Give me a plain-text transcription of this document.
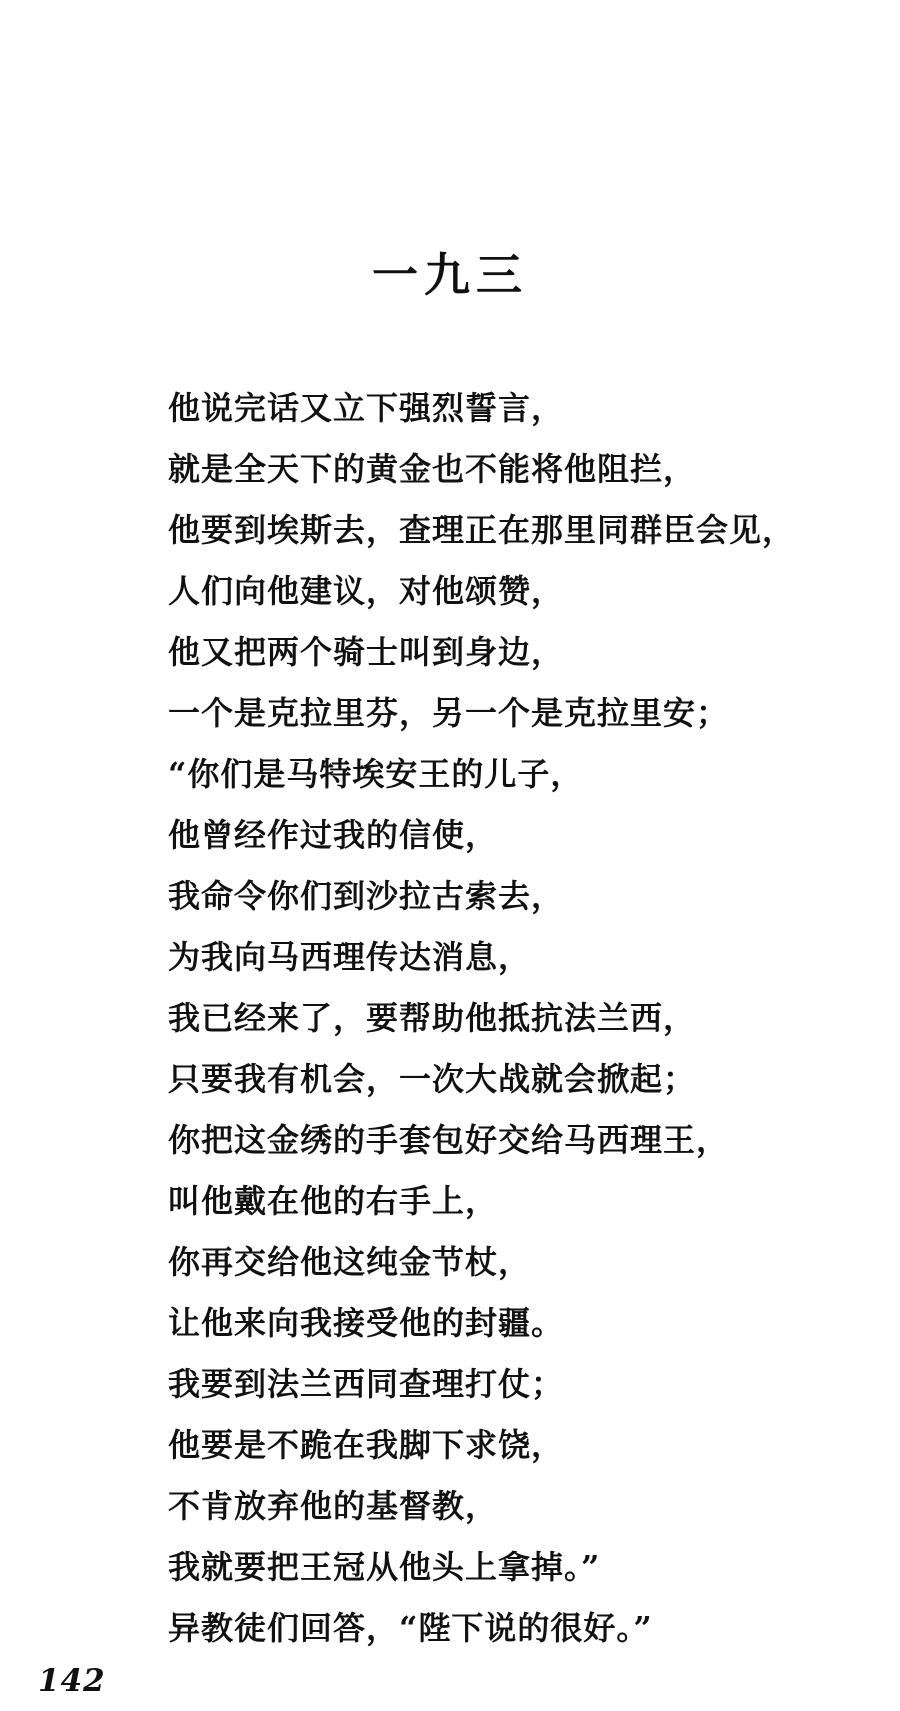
一九三
他说完话又立下强烈誓言，
就是全天下的黄金也不能将他阻拦，
他要到埃斯去，查理正在那里同群臣会见，
人们向他建议，对他颂赞，
他又把两个骑士叫到身边，
一个是克拉里芬，另一个是克拉里安；
“你们是马特埃安王的儿子，
他曾经作过我的信使，
我命令你们到沙拉古索去，
为我向马西理传达消息，
我已经来了，要帮助他抵抗法兰西，
只要我有机会，一次大战就会掀起；
你把这金绣的手套包好交给马西理王，
叫他戴在他的右手上，
你再交给他这纯金节杖，
让他来向我接受他的封疆。
我要到法兰西同查理打仗；
他要是不跪在我脚下求饶，
不肯放弃他的基督教，
我就要把王冠从他头上拿掉。”
异教徒们回答，“陛下说的很好。”
142
